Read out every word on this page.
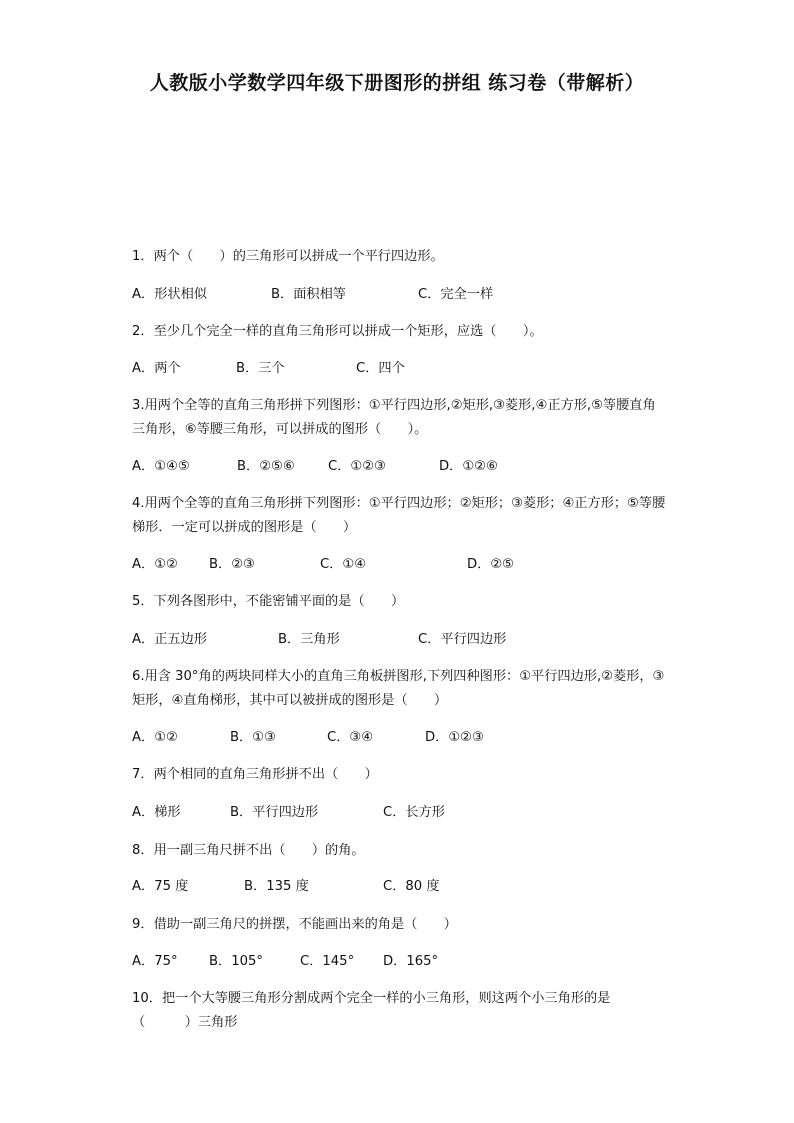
人教版小学数学四年级下册图形的拼组 练习卷（带解析）
1．两个（　　）的三角形可以拼成一个平行四边形。
A．形状相似	B．面积相等	C．完全一样
2．至少几个完全一样的直角三角形可以拼成一个矩形，应选（　　）。
A．两个	B．三个	C．四个
3.用两个全等的直角三角形拼下列图形：①平行四边形,②矩形,③菱形,④正方形,⑤等腰直角三角形，⑥等腰三角形，可以拼成的图形（　　）。
A．①④⑤	B．②⑤⑥	C．①②③	D．①②⑥
4.用两个全等的直角三角形拼下列图形：①平行四边形；②矩形；③菱形；④正方形；⑤等腰梯形．一定可以拼成的图形是（　　）
A．①② B．②③	C．①④	D．②⑤
5．下列各图形中，不能密铺平面的是（　　）
A．正五边形	B．三角形	C．平行四边形
6.用含 30°角的两块同样大小的直角三角板拼图形,下列四种图形：①平行四边形,②菱形，③矩形，④直角梯形，其中可以被拼成的图形是（　　）
A．①②	B．①③	C．③④	D．①②③
7．两个相同的直角三角形拼不出（　　）
A．梯形	B．平行四边形	C．长方形
8．用一副三角尺拼不出（　　）的角。
A．75 度	B．135 度	C．80 度
9．借助一副三角尺的拼摆，不能画出来的角是（　　）
A．75° B．105°	C．145° D．165°
10．把一个大等腰三角形分割成两个完全一样的小三角形，则这两个小三角形的是（　　　）三角形
